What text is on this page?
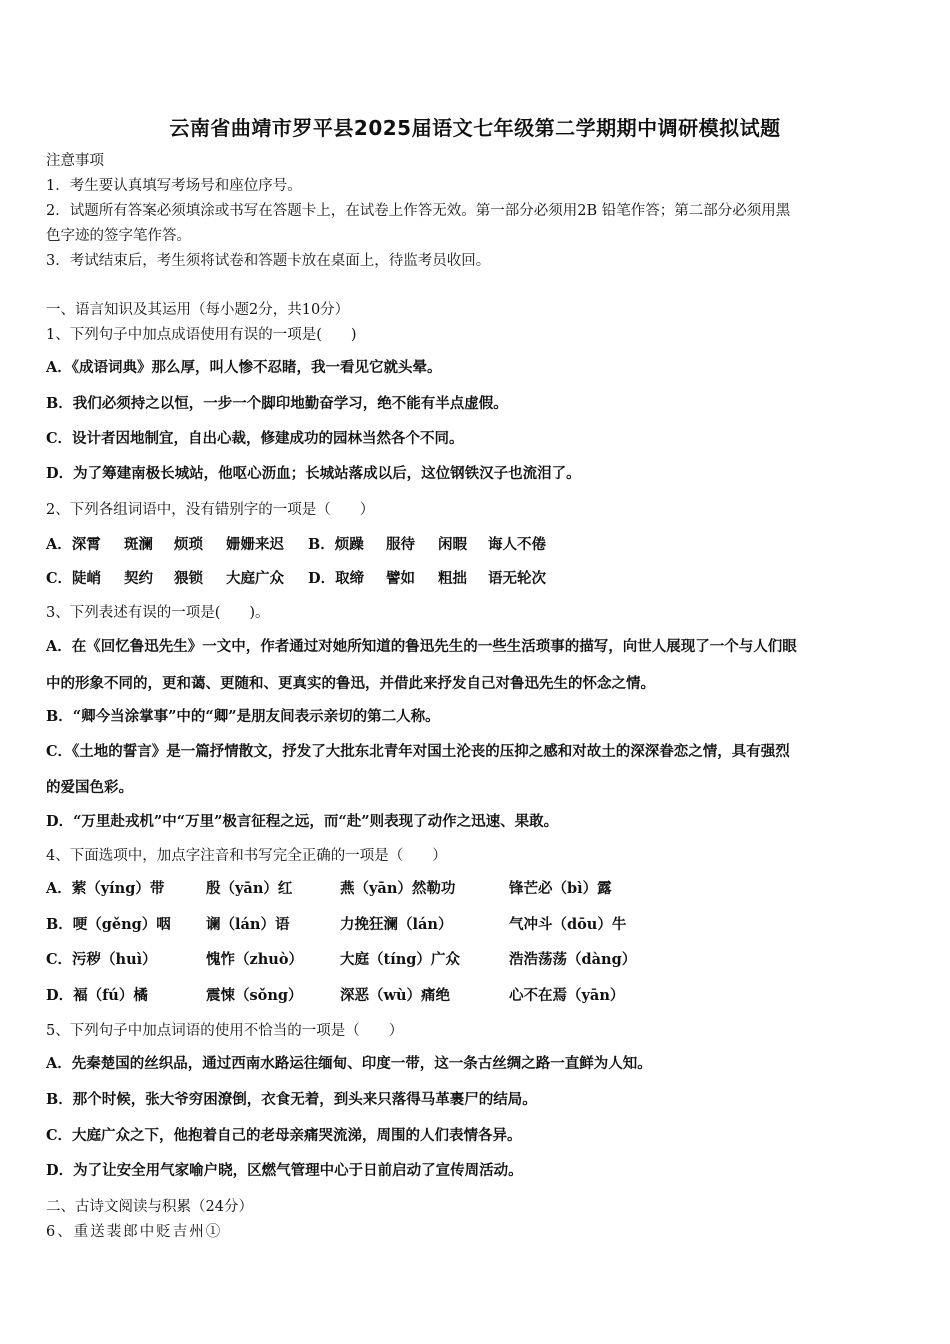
云南省曲靖市罗平县2025届语文七年级第二学期期中调研模拟试题
注意事项
1．考生要认真填写考场号和座位序号。
2．试题所有答案必须填涂或书写在答题卡上，在试卷上作答无效。第一部分必须用2B 铅笔作答；第二部分必须用黑
色字迹的签字笔作答。
3．考试结束后，考生须将试卷和答题卡放在桌面上，待监考员收回。
一、语言知识及其运用（每小题2分，共10分）
1、下列句子中加点成语使用有误的一项是(　　)
A．《成语词典》那么厚，叫人惨不忍睹，我一看见它就头晕。
B．我们必须持之以恒，一步一个脚印地勤奋学习，绝不能有半点虚假。
C．设计者因地制宜，自出心裁，修建成功的园林当然各个不同。
D．为了筹建南极长城站，他呕心沥血；长城站落成以后，这位钢铁汉子也流泪了。
2、下列各组词语中，没有错别字的一项是（　　）
A．深霄 斑澜 烦琐 姗姗来迟 B．烦躁 服待 闲暇 诲人不倦
C．陡峭 契约 猥锁 大庭广众 D．取缔 譬如 粗拙 语无轮次
3、下列表述有误的一项是(　　)。
A．在《回忆鲁迅先生》一文中，作者通过对她所知道的鲁迅先生的一些生活琐事的描写，向世人展现了一个与人们眼
中的形象不同的，更和蔼、更随和、更真实的鲁迅，并借此来抒发自己对鲁迅先生的怀念之情。
B．“卿今当涂掌事”中的“卿”是朋友间表示亲切的第二人称。
C．《土地的誓言》是一篇抒情散文，抒发了大批东北青年对国土沦丧的压抑之感和对故土的深深眷恋之情，具有强烈
的爱国色彩。
D．“万里赴戎机”中“万里”极言征程之远，而“赴”则表现了动作之迅速、果敢。
4、下面选项中，加点字注音和书写完全正确的一项是（　　）
A．萦（yíng）带	殷（yān）红	燕（yān）然勒功	锋芒必（bì）露
B．哽（gěng）咽 谰（lán）语	力挽狂澜（lán）	气冲斗（dōu）牛
C．污秽（huì）	愧怍（zhuò）	大庭（tíng）广众	浩浩荡荡（dàng）
D．褔（fú）橘	震悚（sǒng）	深恶（wù）痛绝	心不在焉（yān）
5、下列句子中加点词语的使用不恰当的一项是（　　）
A．先秦楚国的丝织品，通过西南水路运往缅甸、印度一带，这一条古丝绸之路一直鲜为人知。
B．那个时候，张大爷穷困潦倒，衣食无着，到头来只落得马革裹尸的结局。
C．大庭广众之下，他抱着自己的老母亲痛哭流涕，周围的人们表情各异。
D．为了让安全用气家喻户晓，区燃气管理中心于日前启动了宣传周活动。
二、古诗文阅读与积累（24分）
6、重送裴郎中贬吉州①
